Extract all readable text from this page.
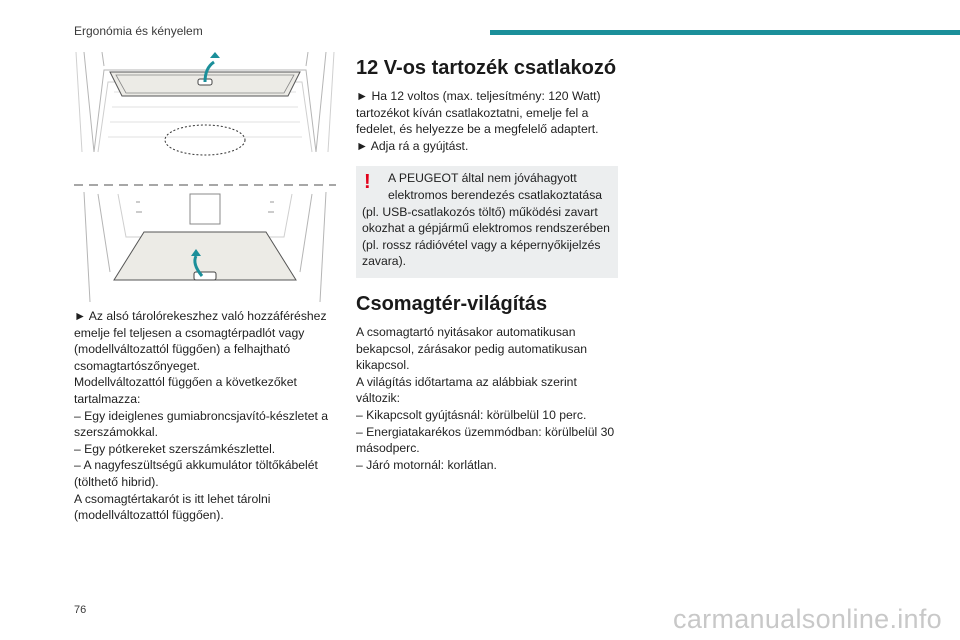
Ergonómia és kényelem

► Az alsó tárolórekeszhez való hozzáféréshez emelje fel teljesen a csomagtérpadlót vagy (modellváltozattól függően) a felhajtható csomagtartószőnyeget.

Modellváltozattól függően a következőket tartalmazza:

– Egy ideiglenes gumiabroncsjavító-készletet a szerszámokkal.

– Egy pótkereket szerszámkészlettel.

– A nagyfeszültségű akkumulátor töltőkábelét (tölthető hibrid).

A csomagtértakarót is itt lehet tárolni (modellváltozattól függően).

12 V-os tartozék csatlakozó

► Ha 12 voltos (max. teljesítmény: 120 Watt) tartozékot kíván csatlakoztatni, emelje fel a fedelet, és helyezze be a megfelelő adaptert.

► Adja rá a gyújtást.

!	A PEUGEOT által nem jóváhagyott elektromos berendezés csatlakoztatása
(pl. USB-csatlakozós töltő) működési zavart okozhat a gépjármű elektromos rendszerében (pl. rossz rádióvétel vagy a képernyőkijelzés zavara).
Csomagtér-világítás

A csomagtartó nyitásakor automatikusan bekapcsol, zárásakor pedig automatikusan kikapcsol.

A világítás időtartama az alábbiak szerint változik:

– Kikapcsolt gyújtásnál: körülbelül 10 perc.

– Energiatakarékos üzemmódban: körülbelül 30 másodperc.

– Járó motornál: korlátlan.

76	carmanualsonline.info
